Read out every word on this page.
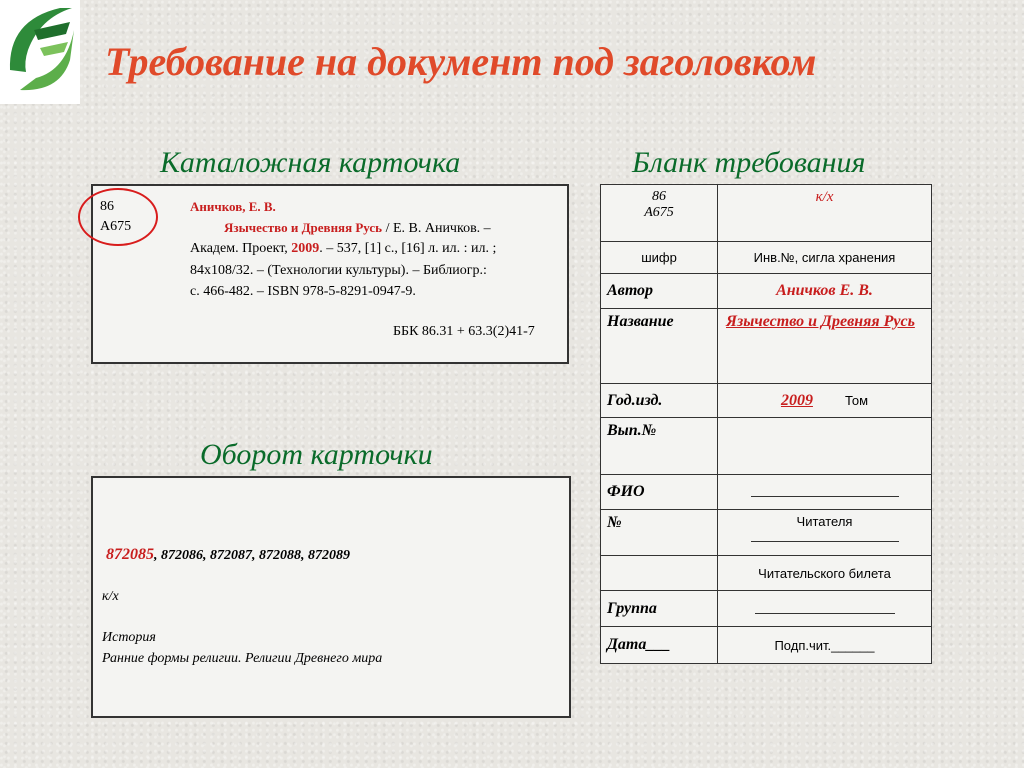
Требование на документ под заголовком
Каталожная карточка	Бланк требования
Оборот карточки
86
А675
Аничков, Е. В.
Язычество и Древняя Русь / Е. В. Аничков. –
Академ. Проект, 2009. – 537, [1] с., [16] л. ил. : ил. ;
84x108/32. – (Технологии культуры). – Библиогр.:
с. 466-482. – ISBN 978-5-8291-0947-9.
ББК 86.31 + 63.3(2)41-7
872085, 872086, 872087, 872088, 872089
к/х
История
Ранние формы религии. Религии Древнего мира
86
А675	к/х
шифр	Инв.№, сигла хранения
Автор	Аничков Е. В.
Название	Язычество и Древняя Русь
Год.изд.	2009 Том
Вып.№	
ФИО	
№	Читателя

	Читательского билета
Группа	
Дата___	Подп.чит.______
